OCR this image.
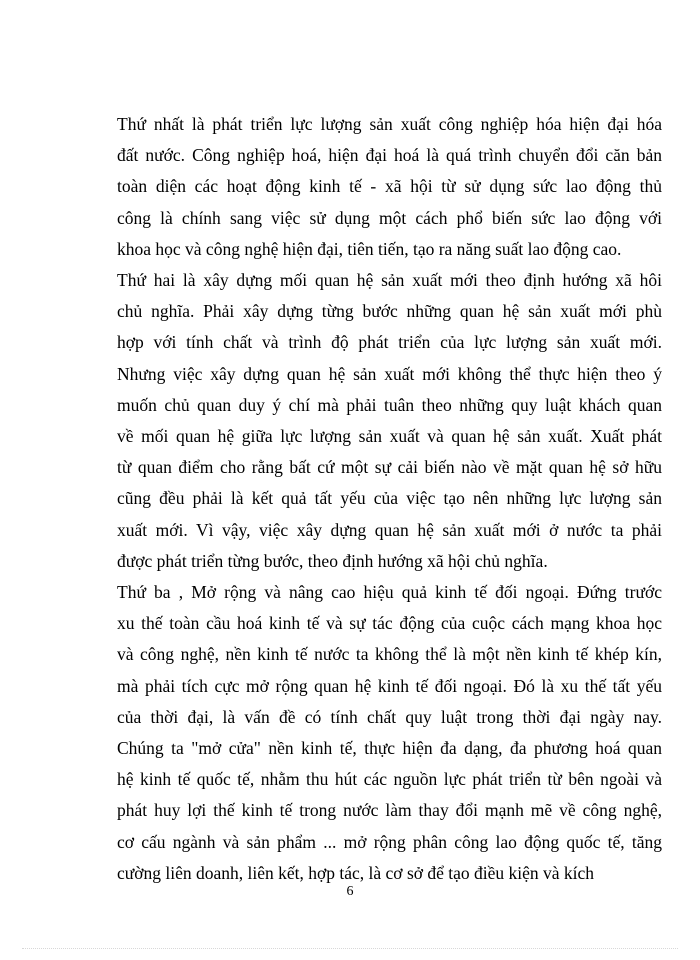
Thứ nhất là phát triển lực lượng sản xuất công nghiệp hóa hiện đại hóa
đất nước. Công nghiệp hoá, hiện đại hoá là quá trình chuyển đổi căn bản
toàn diện các hoạt động kinh tế - xã hội từ sử dụng sức lao động thủ
công là chính sang việc sử dụng một cách phổ biến sức lao động với
khoa học và công nghệ hiện đại, tiên tiến, tạo ra năng suất lao động cao.
Thứ hai là xây dựng mối quan hệ sản xuất mới theo định hướng xã hôi
chủ nghĩa. Phải xây dựng từng bước những quan hệ sản xuất mới phù
hợp với tính chất và trình độ phát triển của lực lượng sản xuất mới.
Nhưng việc xây dựng quan hệ sản xuất mới không thể thực hiện theo ý
muốn chủ quan duy ý chí mà phải tuân theo những quy luật khách quan
về mối quan hệ giữa lực lượng sản xuất và quan hệ sản xuất. Xuất phát
từ quan điểm cho rằng bất cứ một sự cải biến nào về mặt quan hệ sở hữu
cũng đều phải là kết quả tất yếu của việc tạo nên những lực lượng sản
xuất mới. Vì vậy, việc xây dựng quan hệ sản xuất mới ở nước ta phải
được phát triển từng bước, theo định hướng xã hội chủ nghĩa.
Thứ ba , Mở rộng và nâng cao hiệu quả kinh tế đối ngoại. Đứng trước
xu thế toàn cầu hoá kinh tế và sự tác động của cuộc cách mạng khoa học
và công nghệ, nền kinh tế nước ta không thể là một nền kinh tế khép kín,
mà phải tích cực mở rộng quan hệ kinh tế đối ngoại. Đó là xu thế tất yếu
của thời đại, là vấn đề có tính chất quy luật trong thời đại ngày nay.
Chúng ta "mở cửa" nền kinh tế, thực hiện đa dạng, đa phương hoá quan
hệ kinh tế quốc tế, nhằm thu hút các nguồn lực phát triển từ bên ngoài và
phát huy lợi thế kinh tế trong nước làm thay đổi mạnh mẽ về công nghệ,
cơ cấu ngành và sản phẩm ... mở rộng phân công lao động quốc tế, tăng
cường liên doanh, liên kết, hợp tác, là cơ sở để tạo điều kiện và kích
6
